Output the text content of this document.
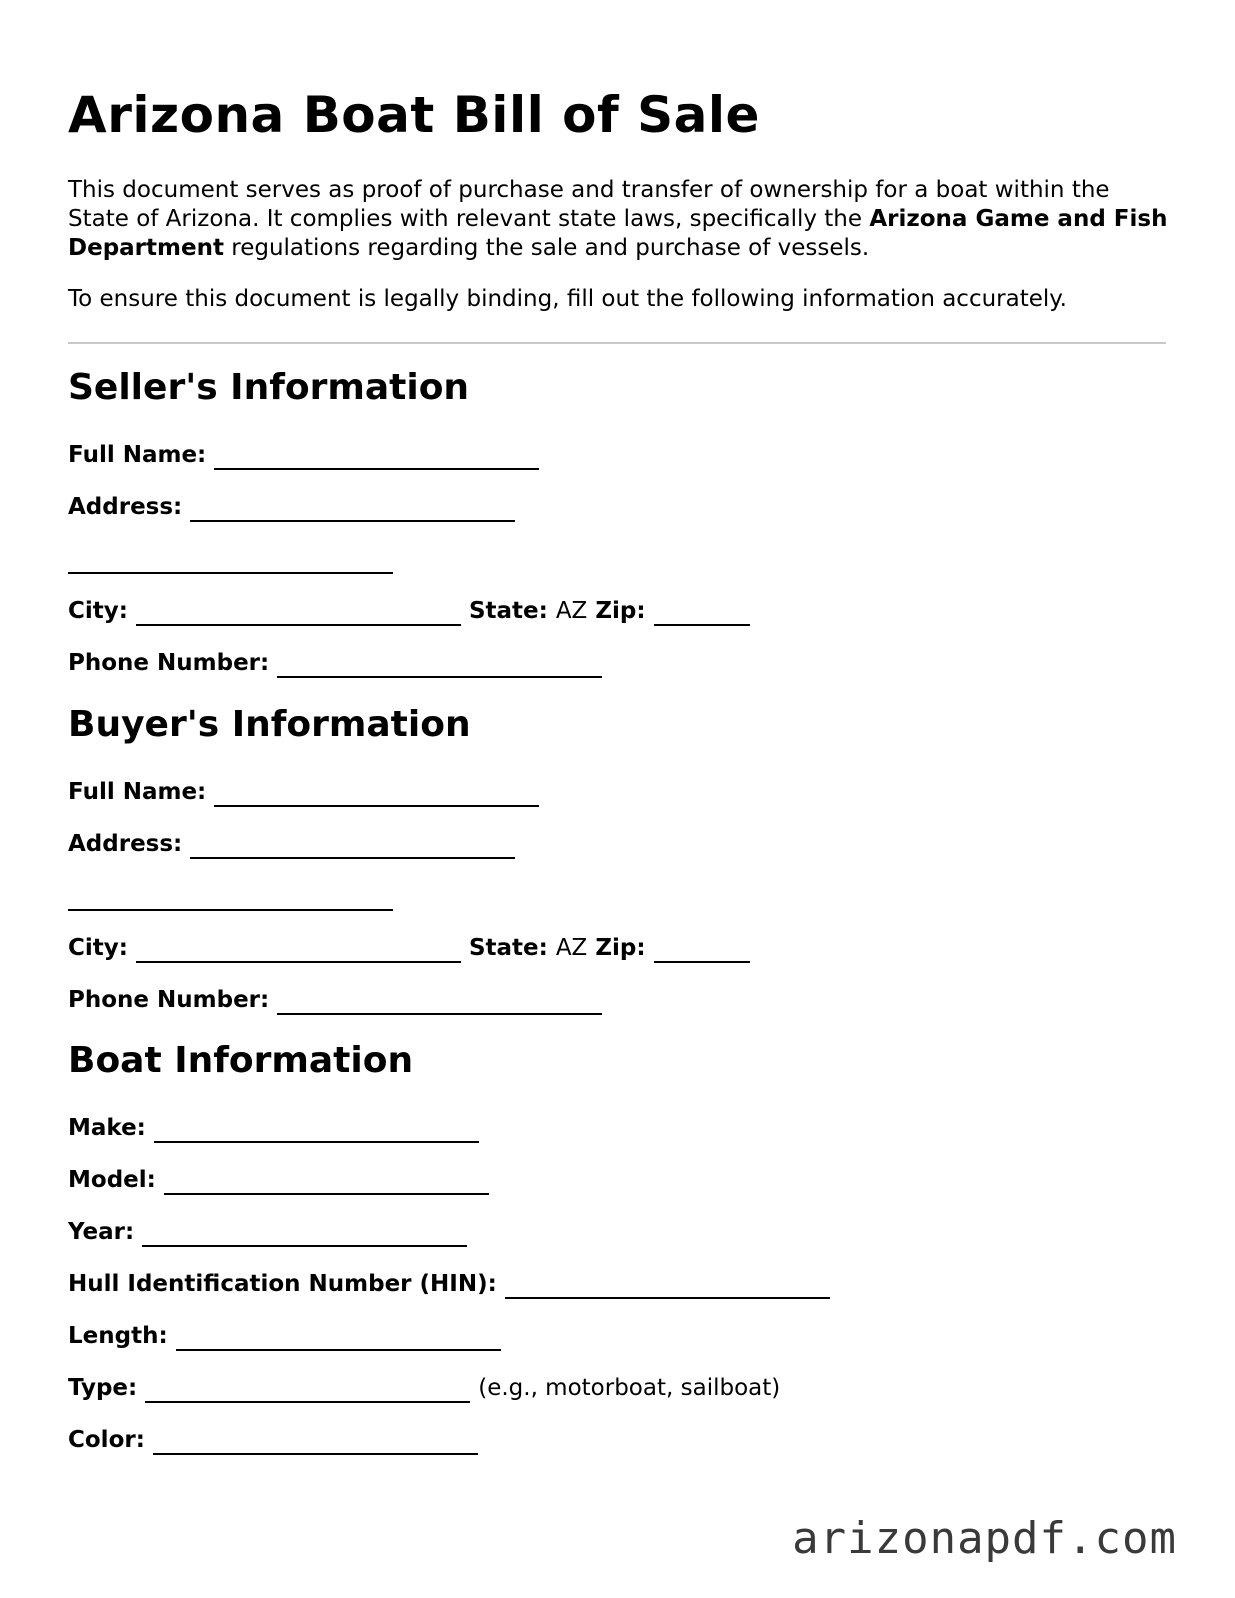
Arizona Boat Bill of Sale

This document serves as proof of purchase and transfer of ownership for a boat within the State of Arizona. It complies with relevant state laws, specifically the Arizona Game and Fish Department regulations regarding the sale and purchase of vessels.

To ensure this document is legally binding, fill out the following information accurately.

Seller's Information
Full Name:
Address:
City:	State: AZ Zip:
Phone Number:
Buyer's Information
Full Name:
Address:
City:	State: AZ Zip:
Phone Number:
Boat Information
Make:
Model:
Year:
Hull Identification Number (HIN):
Length:
Type:	(e.g., motorboat, sailboat)
Color:
arizonapdf.com
